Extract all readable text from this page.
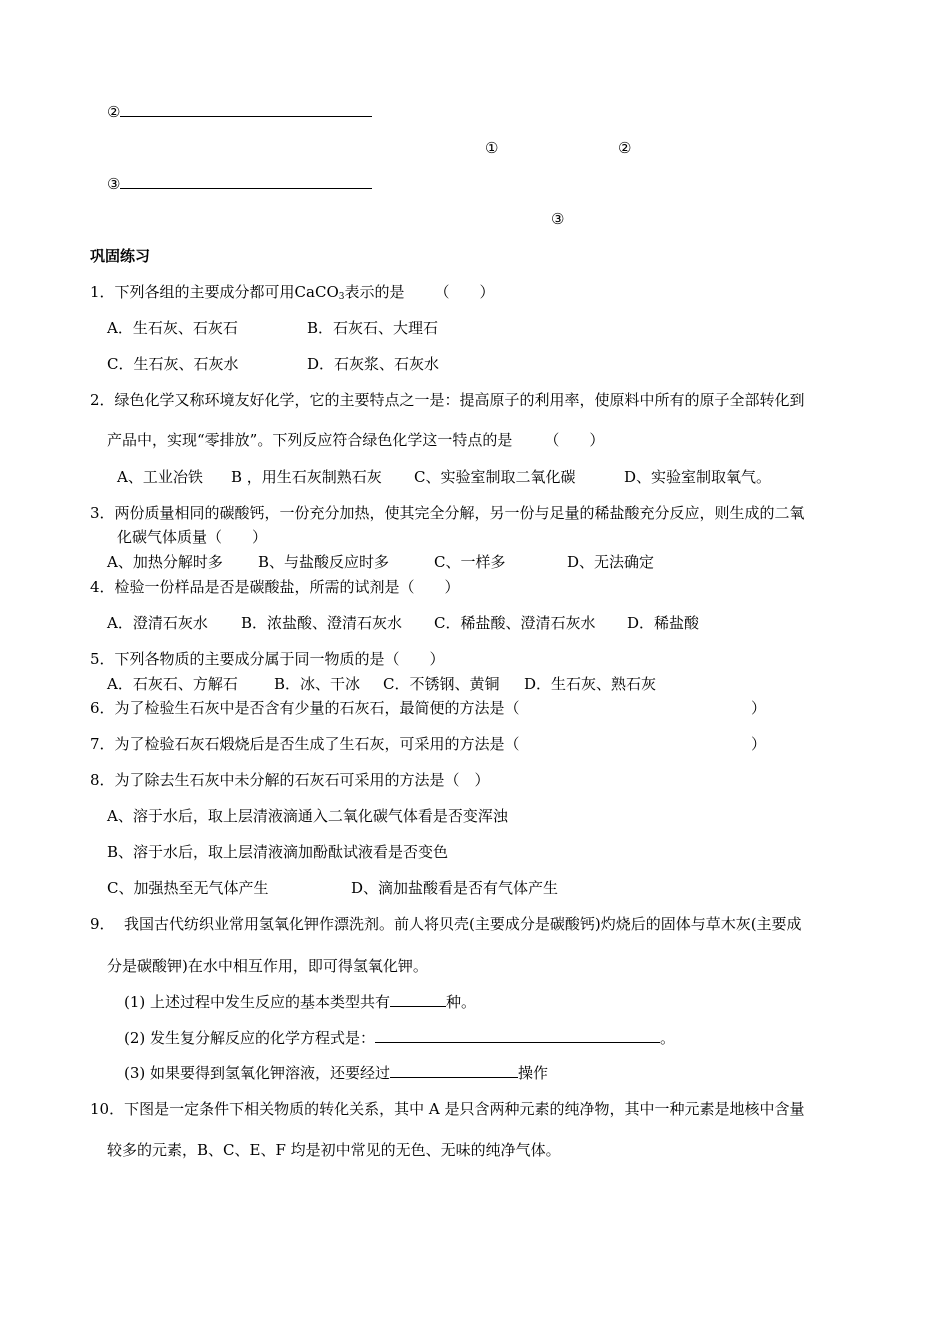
②
①	②
③
③
巩固练习
1．下列各组的主要成分都可用CaCO$_3$表示的是 （　　）
A．生石灰、石灰石	B．石灰石、大理石
C．生石灰、石灰水	D．石灰浆、石灰水
2．绿色化学又称环境友好化学，它的主要特点之一是：提高原子的利用率，使原料中所有的原子全部转化到
产品中，实现“零排放”。下列反应符合绿色化学这一特点的是 （　　）
A、工业冶铁 B ，用生石灰制熟石灰 C、实验室制取二氧化碳	D、实验室制取氧气。
3．两份质量相同的碳酸钙，一份充分加热，使其完全分解，另一份与足量的稀盐酸充分反应，则生成的二氧
化碳气体质量（　　）
A、加热分解时多 B、与盐酸反应时多	C、一样多	D、无法确定
4．检验一份样品是否是碳酸盐，所需的试剂是（　　）
A．澄清石灰水 B．浓盐酸、澄清石灰水 C．稀盐酸、澄清石灰水 D．稀盐酸
5．下列各物质的主要成分属于同一物质的是（　　）
A．石灰石、方解石 B．冰、干冰 C．不锈钢、黄铜 D．生石灰、熟石灰
6．为了检验生石灰中是否含有少量的石灰石，最简便的方法是（	）
7．为了检验石灰石煅烧后是否生成了生石灰，可采用的方法是（	）
8．为了除去生石灰中未分解的石灰石可采用的方法是（　）
A、溶于水后，取上层清液滴通入二氧化碳气体看是否变浑浊
B、溶于水后，取上层清液滴加酚酞试液看是否变色
C、加强热至无气体产生	D、滴加盐酸看是否有气体产生
9． 我国古代纺织业常用氢氧化钾作漂洗剂。前人将贝壳(主要成分是碳酸钙)灼烧后的固体与草木灰(主要成
分是碳酸钾)在水中相互作用，即可得氢氧化钾。
(1) 上述过程中发生反应的基本类型共有	种。
(2) 发生复分解反应的化学方程式是：	。
(3) 如果要得到氢氧化钾溶液，还要经过	操作
10．下图是一定条件下相关物质的转化关系，其中 A 是只含两种元素的纯净物，其中一种元素是地核中含量
较多的元素，B、C、E、F 均是初中常见的无色、无味的纯净气体。
